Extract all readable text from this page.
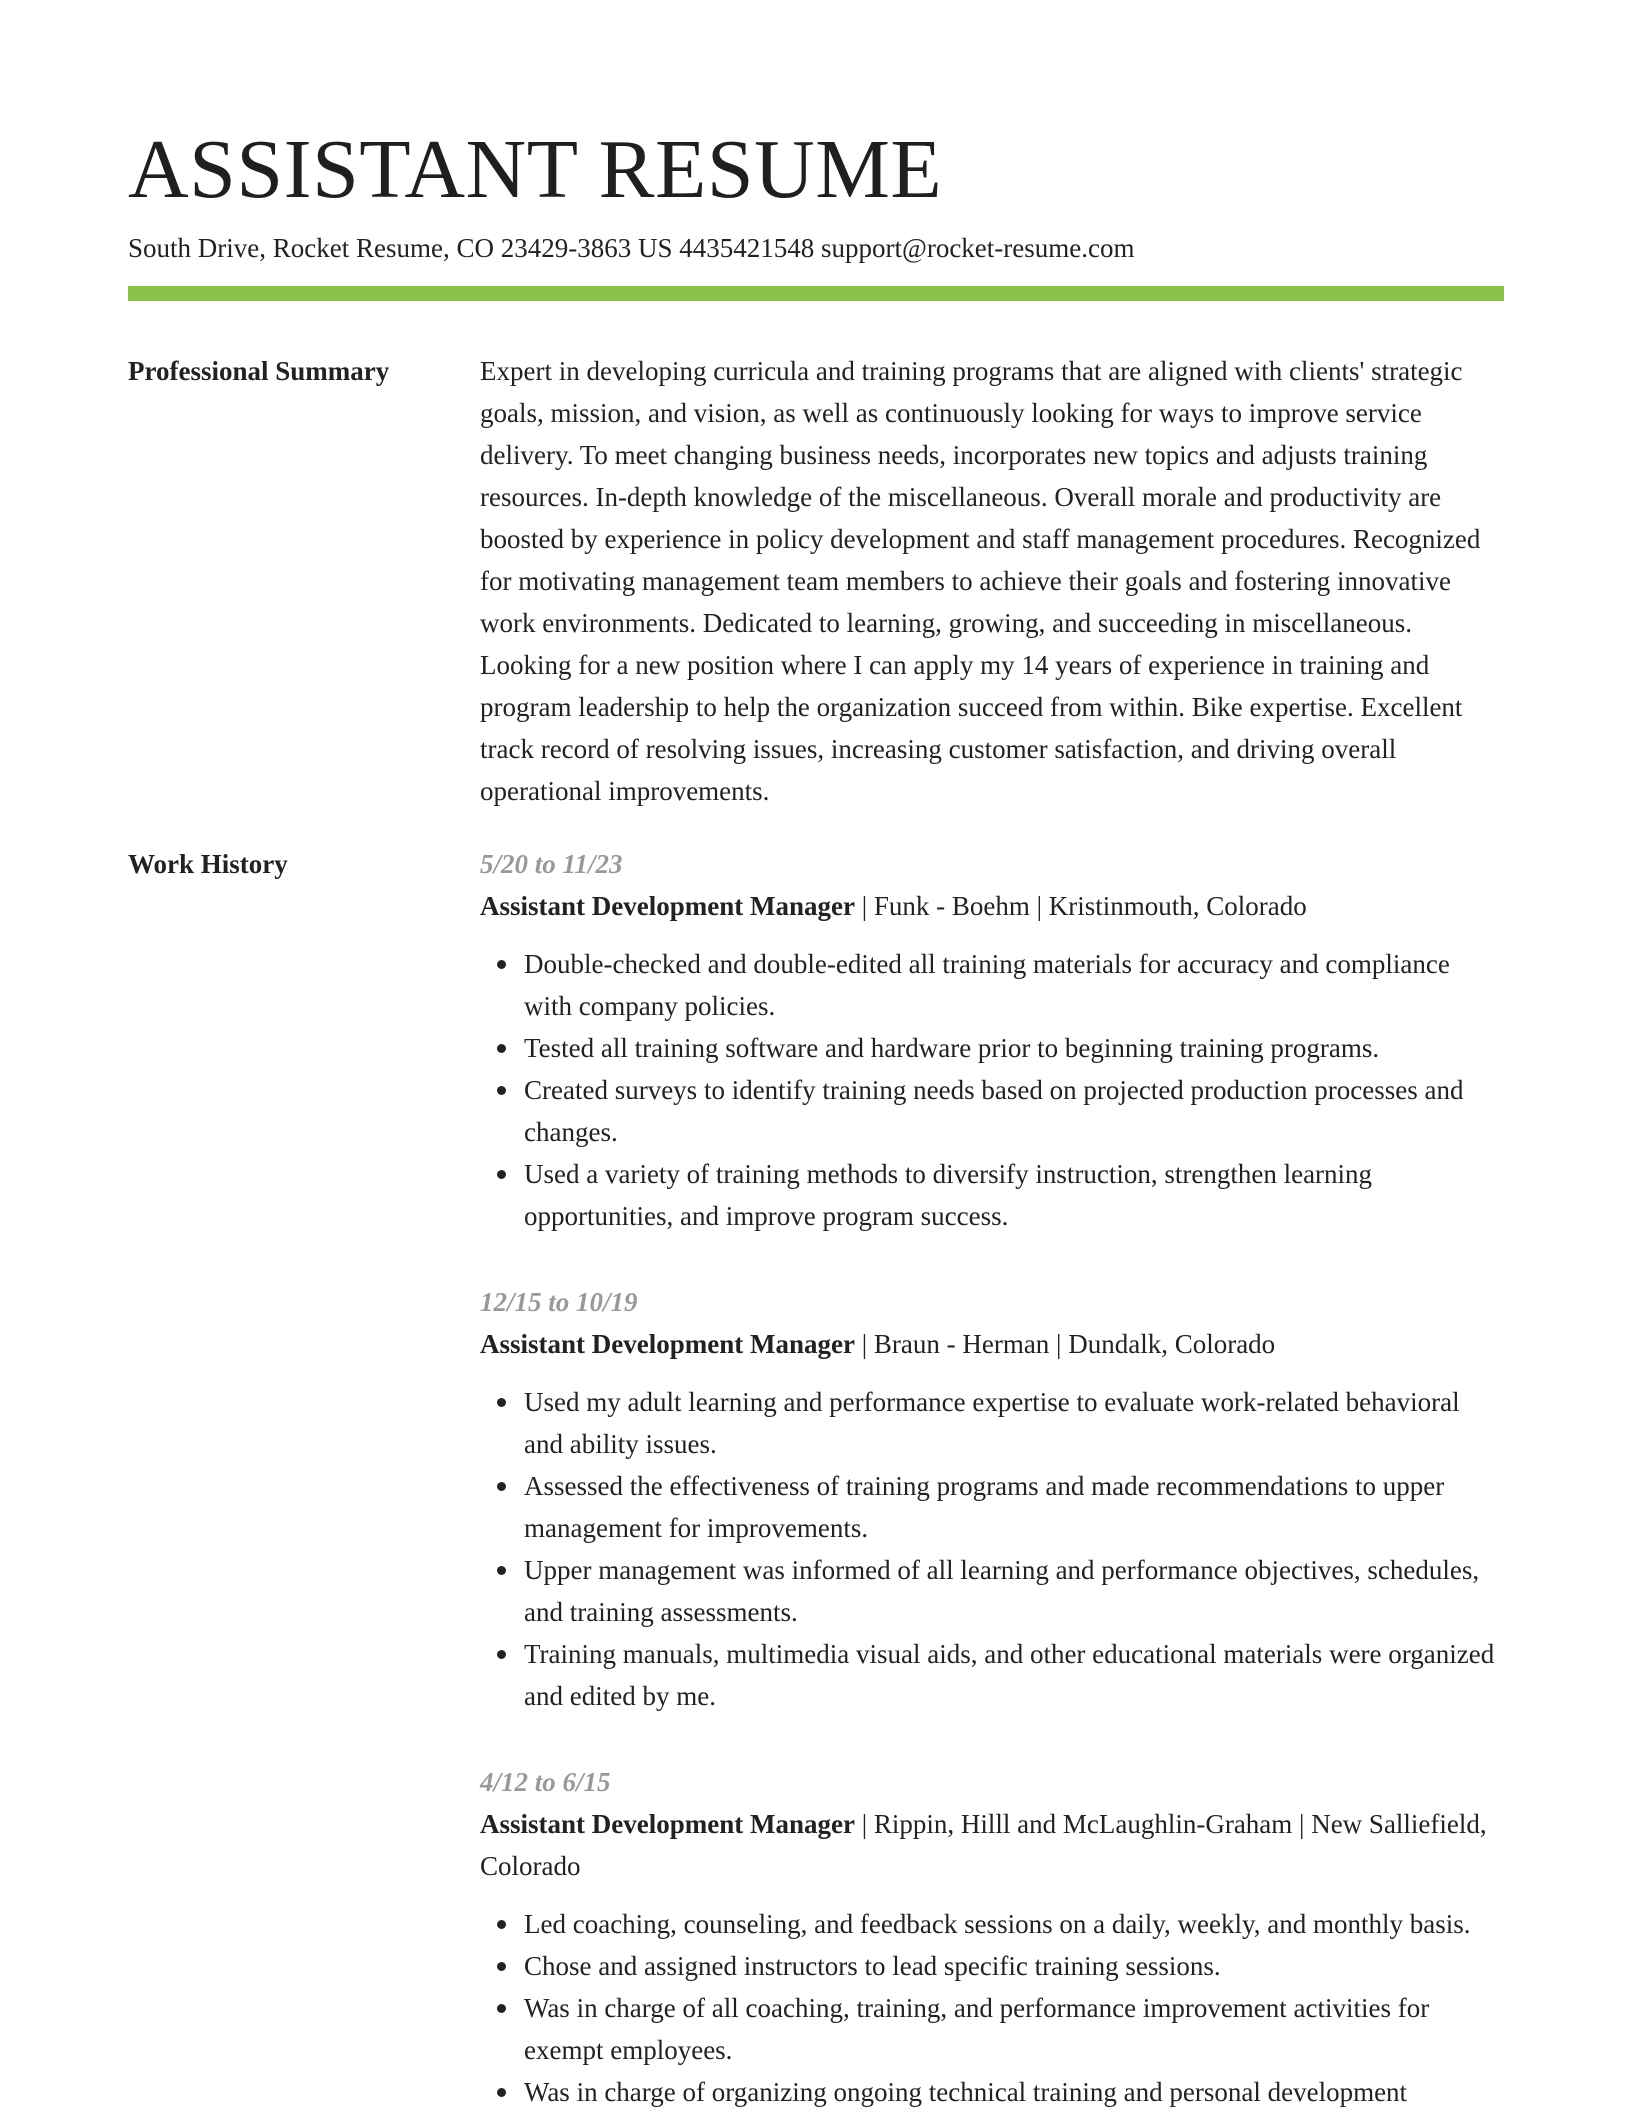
ASSISTANT RESUME
South Drive, Rocket Resume, CO 23429-3863 US 4435421548 support@rocket-resume.com
Professional Summary	Expert in developing curricula and training programs that are aligned with clients' strategic goals, mission, and vision, as well as continuously looking for ways to improve service delivery. To meet changing business needs, incorporates new topics and adjusts training resources. In-depth knowledge of the miscellaneous. Overall morale and productivity are boosted by experience in policy development and staff management procedures. Recognized for motivating management team members to achieve their goals and fostering innovative work environments. Dedicated to learning, growing, and succeeding in miscellaneous. Looking for a new position where I can apply my 14 years of experience in training and program leadership to help the organization succeed from within. Bike expertise. Excellent track record of resolving issues, increasing customer satisfaction, and driving overall operational improvements.

Work History	5/20 to 11/23
Assistant Development Manager | Funk - Boehm | Kristinmouth, Colorado
Double-checked and double-edited all training materials for accuracy and compliance with company policies.
Tested all training software and hardware prior to beginning training programs.
Created surveys to identify training needs based on projected production processes and changes.
Used a variety of training methods to diversify instruction, strengthen learning opportunities, and improve program success.
12/15 to 10/19
Assistant Development Manager | Braun - Herman | Dundalk, Colorado
Used my adult learning and performance expertise to evaluate work-related behavioral and ability issues.
Assessed the effectiveness of training programs and made recommendations to upper management for improvements.
Upper management was informed of all learning and performance objectives, schedules, and training assessments.
Training manuals, multimedia visual aids, and other educational materials were organized and edited by me.
4/12 to 6/15
Assistant Development Manager | Rippin, Hilll and McLaughlin-Graham | New Salliefield, Colorado
Led coaching, counseling, and feedback sessions on a daily, weekly, and monthly basis.
Chose and assigned instructors to lead specific training sessions.
Was in charge of all coaching, training, and performance improvement activities for exempt employees.
Was in charge of organizing ongoing technical training and personal development
